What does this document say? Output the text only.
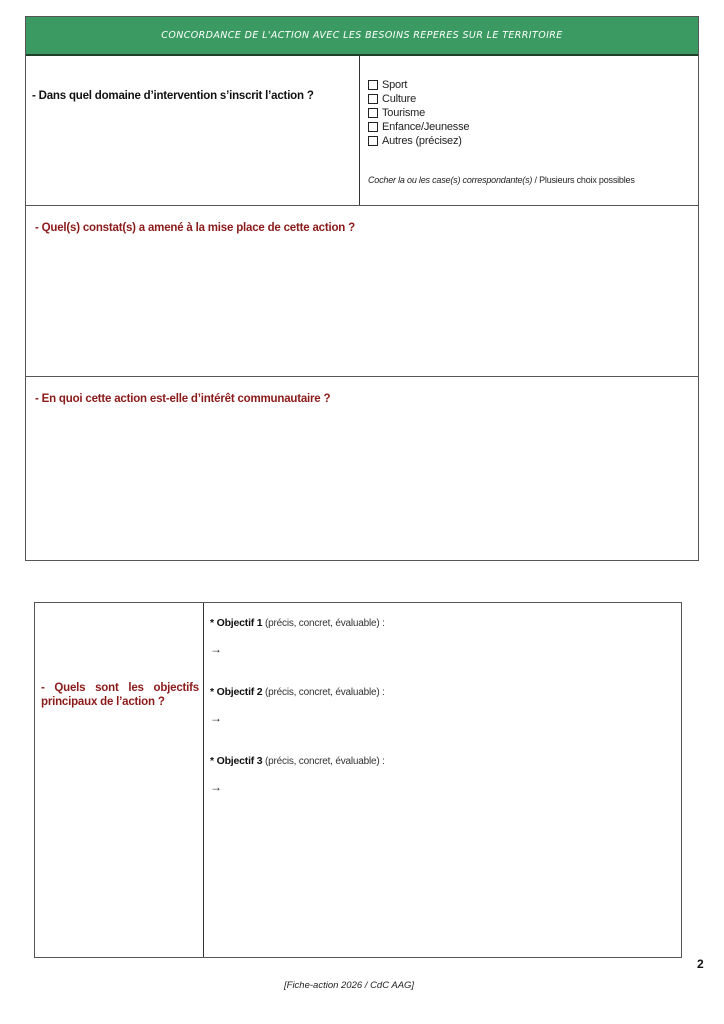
CONCORDANCE DE L'ACTION AVEC LES BESOINS REPERES SUR LE TERRITOIRE
- Dans quel domaine d’intervention s’inscrit l’action ?
Sport
Culture
Tourisme
Enfance/Jeunesse
Autres (précisez)
Cocher la ou les case(s) correspondante(s) / Plusieurs choix possibles
- Quel(s) constat(s) a amené à la mise place de cette action ?
- En quoi cette action est-elle d’intérêt communautaire ?
- Quels sont les objectifs principaux de l’action ?
* Objectif 1 (précis, concret, évaluable) :
→
* Objectif 2 (précis, concret, évaluable) :
→
* Objectif 3 (précis, concret, évaluable) :
→
2
[Fiche-action 2026 / CdC AAG]
